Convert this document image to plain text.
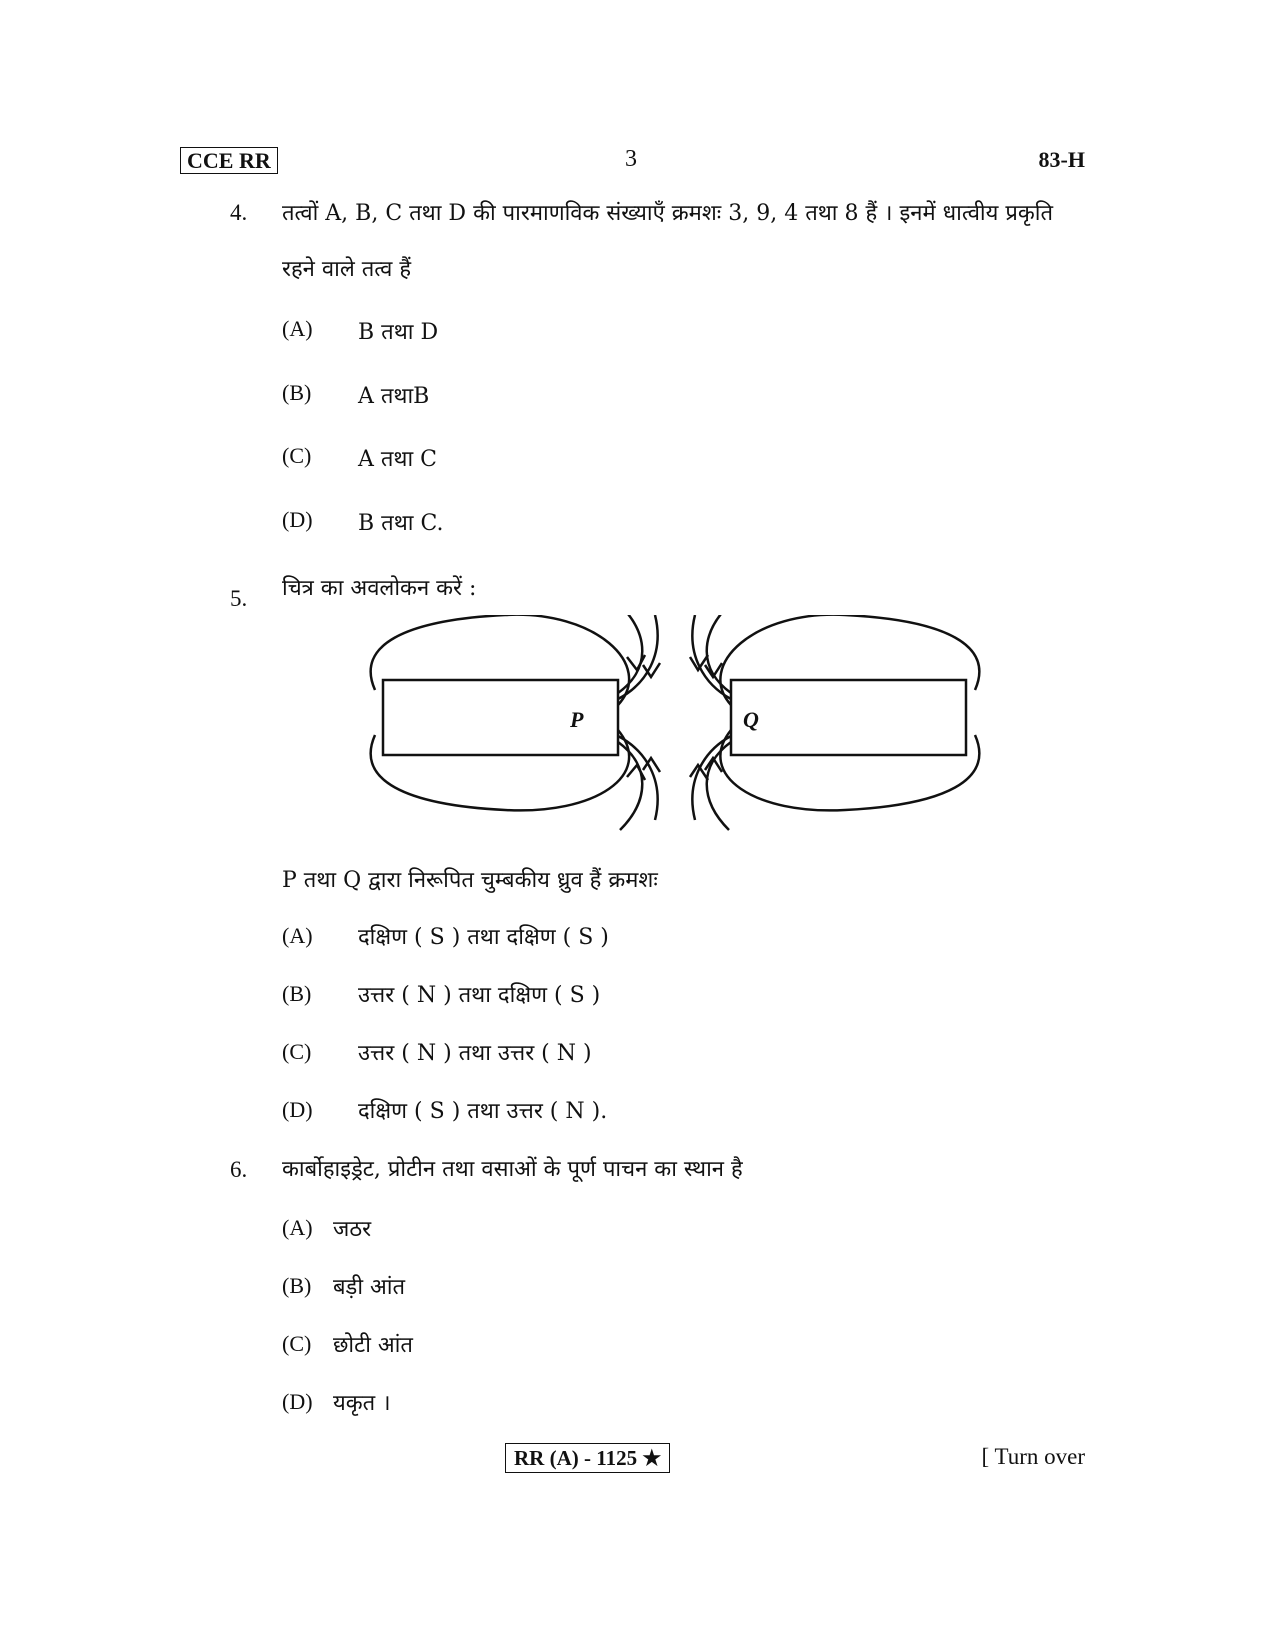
CCE RR	3	83-H
4. तत्वों A, B, C तथा D की पारमाणविक संख्याएँ क्रमशः 3, 9, 4 तथा 8 हैं । इनमें धात्वीय प्रकृति रहने वाले तत्व हैं
(A) B तथा D
(B) A तथाB
(C) A तथा C
(D) B तथा C.
5. चित्र का अवलोकन करें :
P	Q
P तथा Q द्वारा निरूपित चुम्बकीय ध्रुव हैं क्रमशः
(A) दक्षिण ( S ) तथा दक्षिण ( S )
(B) उत्तर ( N ) तथा दक्षिण ( S )
(C) उत्तर ( N ) तथा उत्तर ( N )
(D) दक्षिण ( S ) तथा उत्तर ( N ).
6. कार्बोहाइड्रेट, प्रोटीन तथा वसाओं के पूर्ण पाचन का स्थान है
(A) जठर
(B) बड़ी आंत
(C) छोटी आंत
(D) यकृत ।
RR (A) - 1125 ★	[ Turn over
